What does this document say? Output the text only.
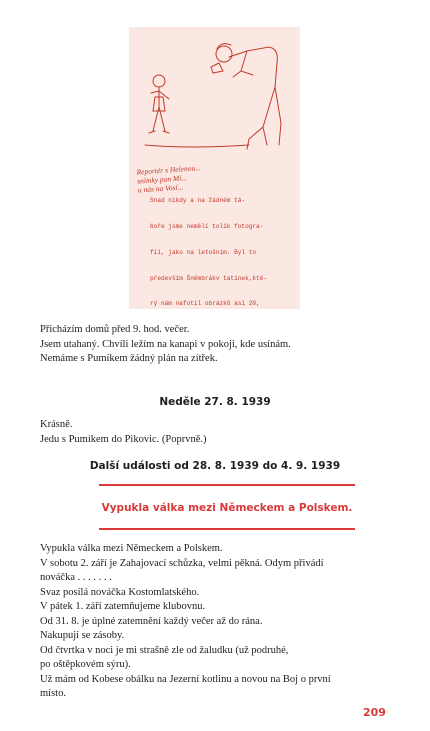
Reportér s Helenou...
snímky pan Mí...
u nás na Vosí...

Snad nikdy a na žádném tá-

boře jsme neměli tolik fotogra-

fií, jako na letošním. Byl to

především Šněmbrákv tatínek,ktě-

rý nám nafotil obrázků asi 20,

Přicházím domů před 9. hod. večer.
Jsem utahaný. Chvíli ležím na kanapi v pokoji, kde usínám.
Nemáme s Pumíkem žádný plán na zítřek.
Neděle 27. 8. 1939
Krásně.
Jedu s Pumíkem do Pikovic. (Poprvně.)
Další události od 28. 8. 1939 do 4. 9. 1939
Vypukla válka mezi Německem a Polskem.
Vypukla válka mezi Německem a Polskem.
V sobotu 2. září je Zahajovací schůzka, velmi pěkná. Odym přivádí
nováčka . . . . . . .
Svaz posílá nováčka Kostomlatského.
V pátek 1. září zatemňujeme klubovnu.
Od 31. 8. je úplné zatemnění každý večer až do rána.
Nakupují se zásoby.
Od čtvrtka v noci je mi strašně zle od žaludku (už podruhé,
po oštěpkovém sýru).
Už mám od Kobese obálku na Jezerní kotlinu a novou na Boj o první
místo.
209
